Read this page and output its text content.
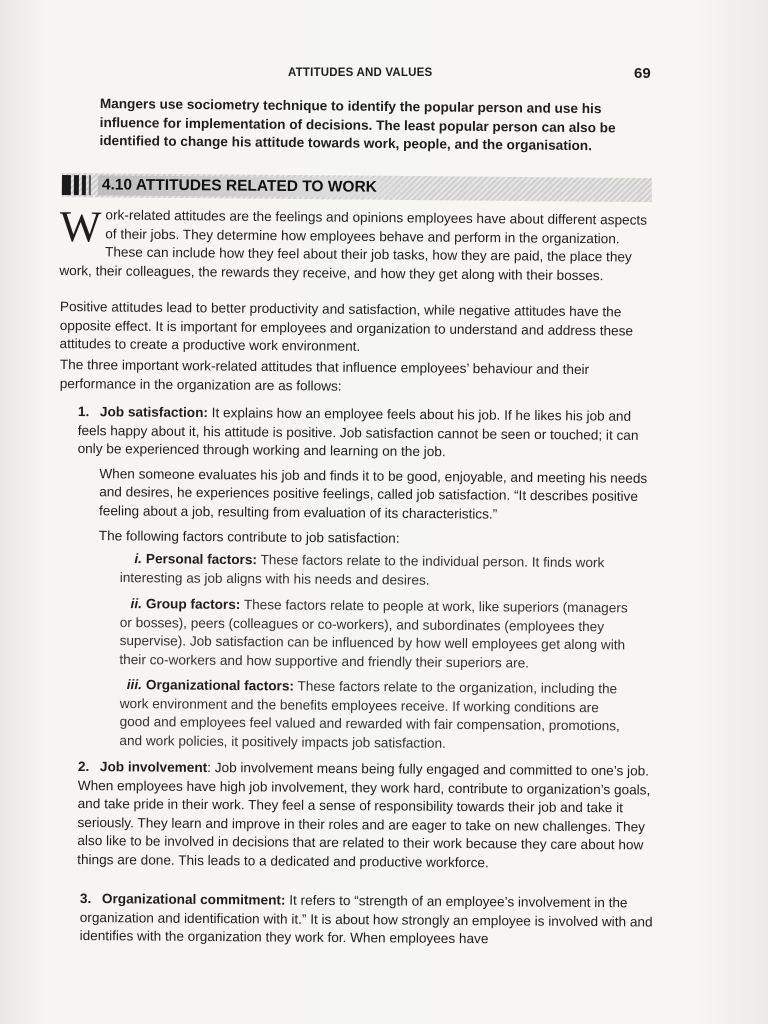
ATTITUDES AND VALUES	69
Mangers use sociometry technique to identify the popular person and use his influence for implementation of decisions. The least popular person can also be identified to change his attitude towards work, people, and the organisation.
4.10 ATTITUDES RELATED TO WORK
Work-related attitudes are the feelings and opinions employees have about different aspects of their jobs. They determine how employees behave and perform in the organization. These can include how they feel about their job tasks, how they are paid, the place they work, their colleagues, the rewards they receive, and how they get along with their bosses.
Positive attitudes lead to better productivity and satisfaction, while negative attitudes have the opposite effect. It is important for employees and organization to understand and address these attitudes to create a productive work environment.
The three important work-related attitudes that influence employees’ behaviour and their performance in the organization are as follows:

1. Job satisfaction: It explains how an employee feels about his job. If he likes his job and feels happy about it, his attitude is positive. Job satisfaction cannot be seen or touched; it can only be experienced through working and learning on the job.

When someone evaluates his job and finds it to be good, enjoyable, and meeting his needs and desires, he experiences positive feelings, called job satisfaction. “It describes positive feeling about a job, resulting from evaluation of its characteristics.”

The following factors contribute to job satisfaction:

i. Personal factors: These factors relate to the individual person. It finds work interesting as job aligns with his needs and desires.
ii. Group factors: These factors relate to people at work, like superiors (managers or bosses), peers (colleagues or co-workers), and subordinates (employees they supervise). Job satisfaction can be influenced by how well employees get along with their co-workers and how supportive and friendly their superiors are.
iii. Organizational factors: These factors relate to the organization, including the work environment and the benefits employees receive. If working conditions are good and employees feel valued and rewarded with fair compensation, promotions, and work policies, it positively impacts job satisfaction.

2. Job involvement: Job involvement means being fully engaged and committed to one’s job. When employees have high job involvement, they work hard, contribute to organization’s goals, and take pride in their work. They feel a sense of responsibility towards their job and take it seriously. They learn and improve in their roles and are eager to take on new challenges. They also like to be involved in decisions that are related to their work because they care about how things are done. This leads to a dedicated and productive workforce.

3. Organizational commitment: It refers to “strength of an employee’s involvement in the organization and identification with it.” It is about how strongly an employee is involved with and identifies with the organization they work for. When employees have
